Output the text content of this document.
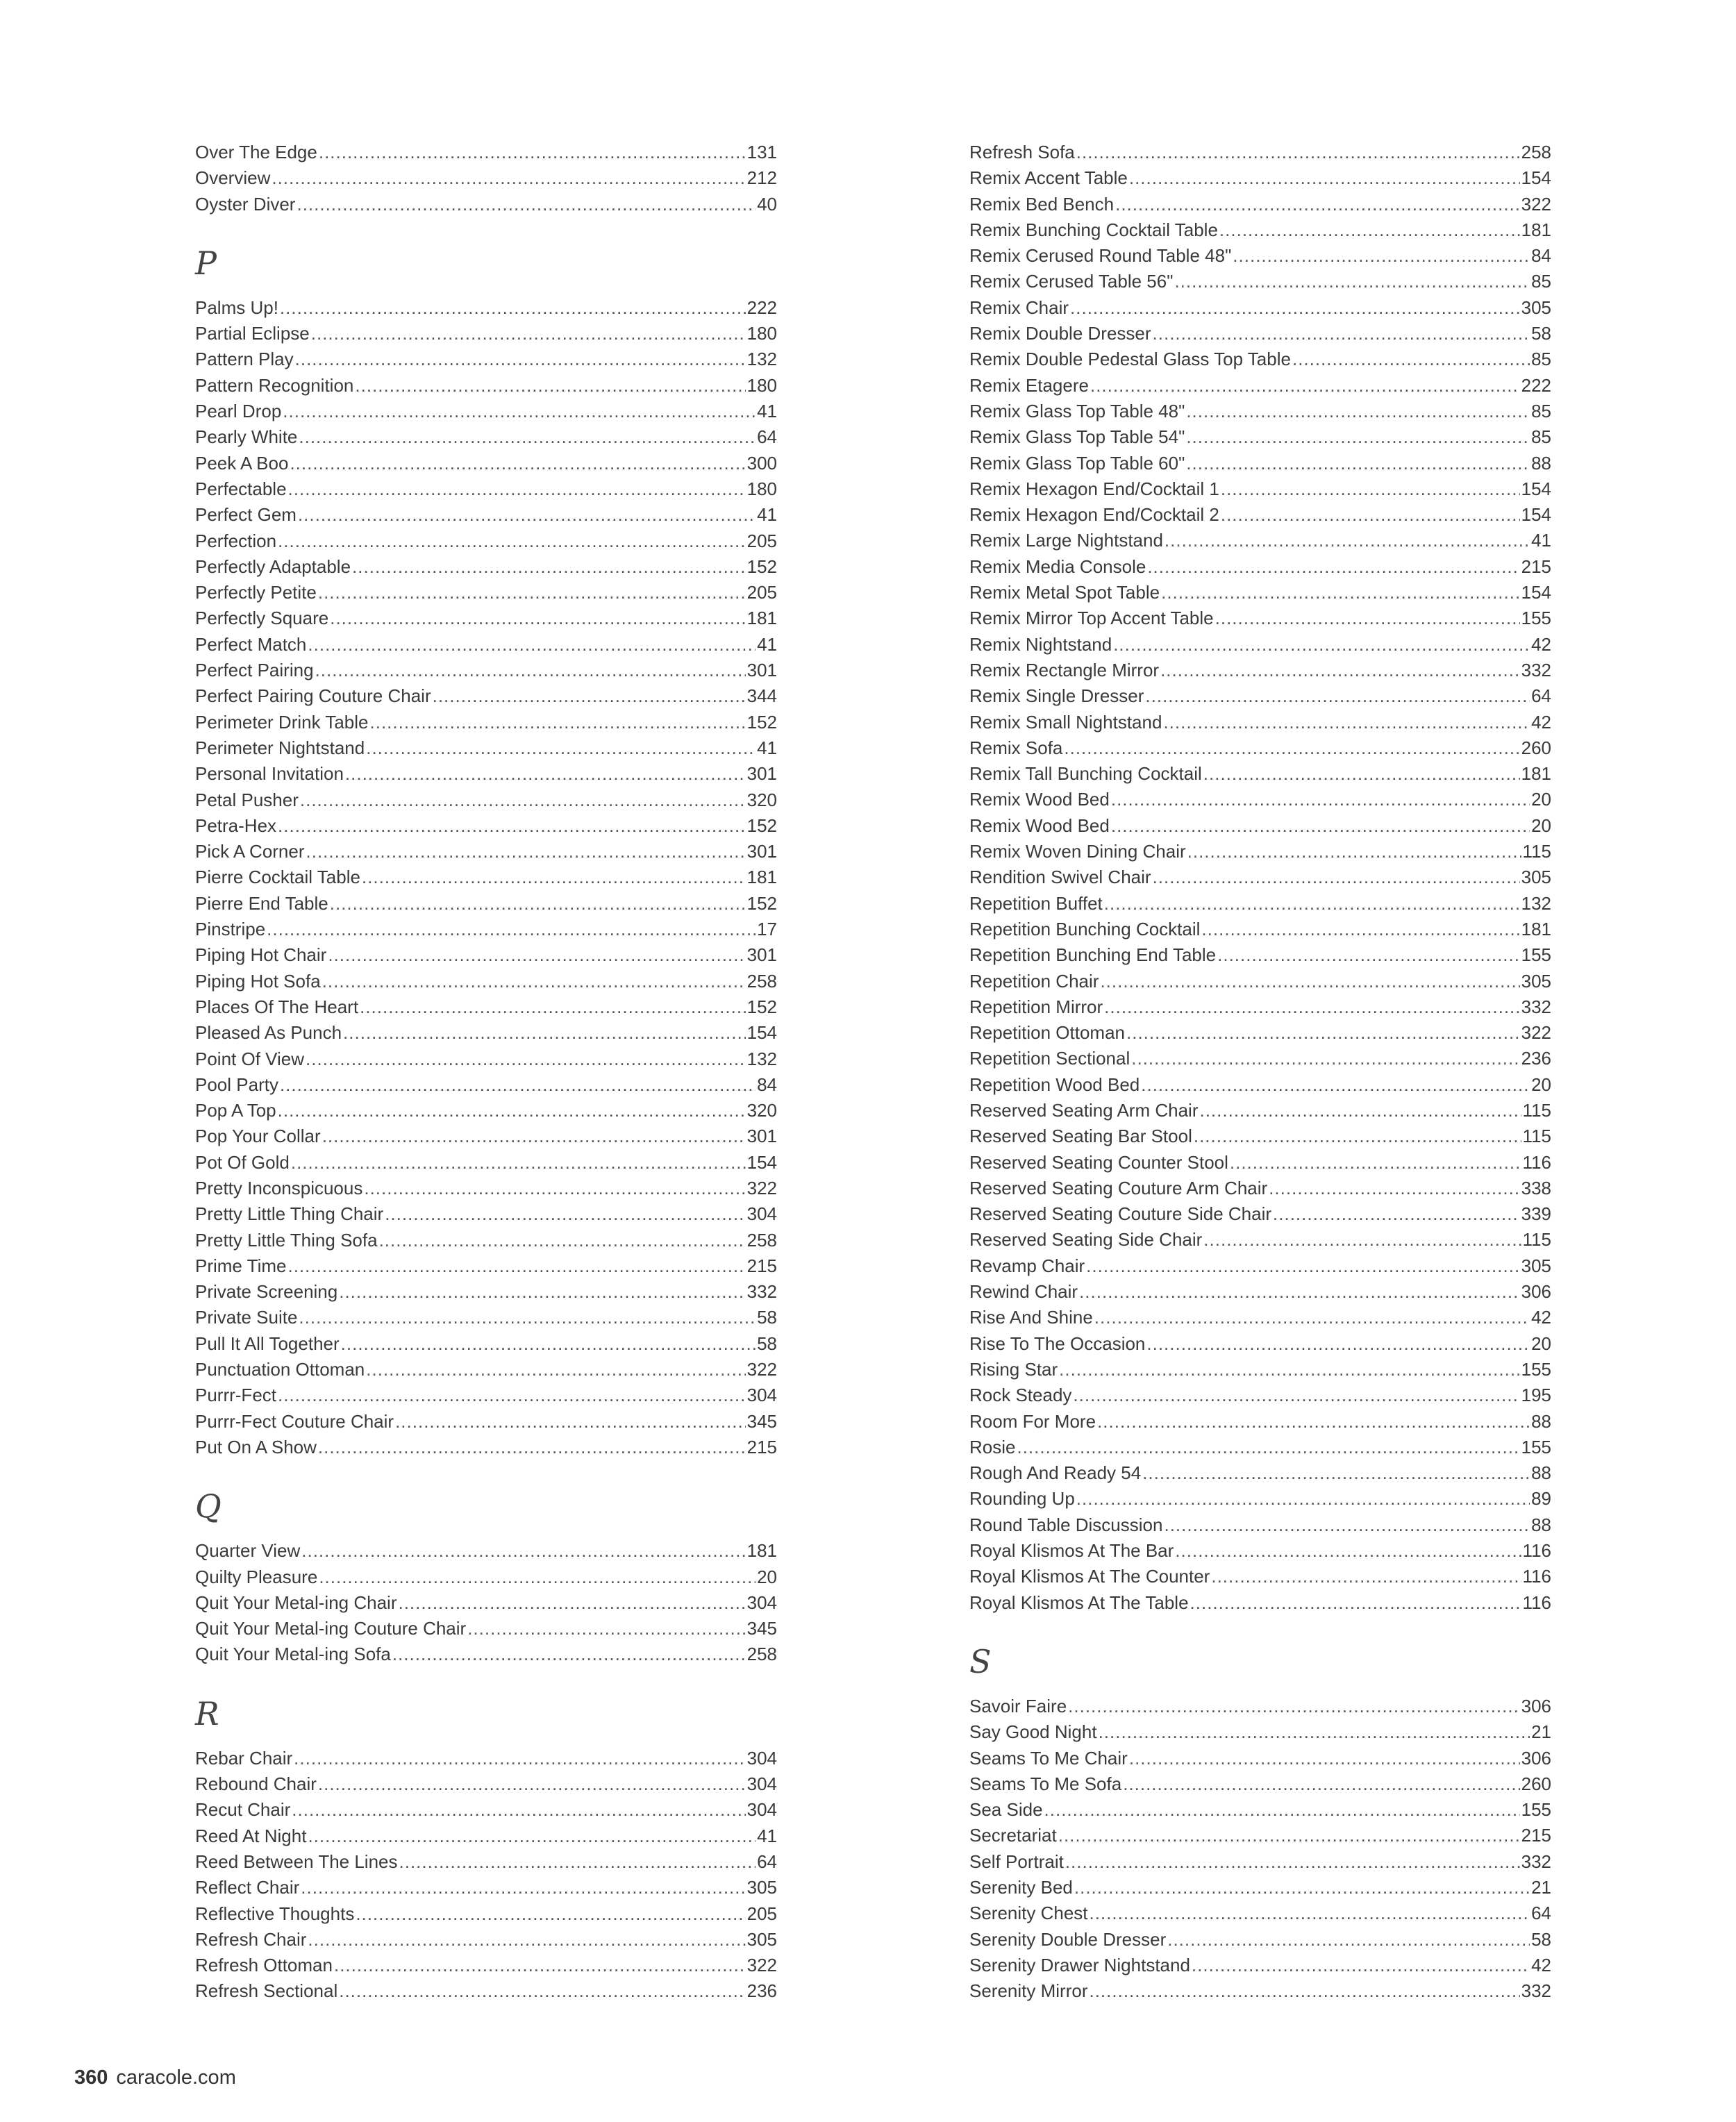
Over The Edge .....	131
Overview .....	212
Oyster Diver .....	40
P
Palms Up! .....	222
Partial Eclipse .....	180
Pattern Play .....	132
Pattern Recognition .....	180
Pearl Drop .....	41
Pearly White .....	64
Peek A Boo .....	300
Perfectable .....	180
Perfect Gem .....	41
Perfection .....	205
Perfectly Adaptable .....	152
Perfectly Petite .....	205
Perfectly Square .....	181
Perfect Match .....	41
Perfect Pairing .....	301
Perfect Pairing Couture Chair .....	344
Perimeter Drink Table .....	152
Perimeter Nightstand .....	41
Personal Invitation .....	301
Petal Pusher .....	320
Petra-Hex .....	152
Pick A Corner .....	301
Pierre Cocktail Table .....	181
Pierre End Table .....	152
Pinstripe .....	17
Piping Hot Chair .....	301
Piping Hot Sofa .....	258
Places Of The Heart .....	152
Pleased As Punch .....	154
Point Of View .....	132
Pool Party .....	84
Pop A Top .....	320
Pop Your Collar .....	301
Pot Of Gold .....	154
Pretty Inconspicuous .....	322
Pretty Little Thing Chair .....	304
Pretty Little Thing Sofa .....	258
Prime Time .....	215
Private Screening .....	332
Private Suite .....	58
Pull It All Together .....	58
Punctuation Ottoman .....	322
Purrr-Fect .....	304
Purrr-Fect Couture Chair .....	345
Put On A Show .....	215
Q
Quarter View .....	181
Quilty Pleasure .....	20
Quit Your Metal-ing Chair .....	304
Quit Your Metal-ing Couture Chair .....	345
Quit Your Metal-ing Sofa .....	258
R
Rebar Chair .....	304
Rebound Chair .....	304
Recut Chair .....	304
Reed At Night .....	41
Reed Between The Lines .....	64
Reflect Chair .....	305
Reflective Thoughts .....	205
Refresh Chair .....	305
Refresh Ottoman .....	322
Refresh Sectional .....	236
Refresh Sofa .....	258
Remix Accent Table .....	154
Remix Bed Bench .....	322
Remix Bunching Cocktail Table .....	181
Remix Cerused Round Table 48" .....	84
Remix Cerused Table 56" .....	85
Remix Chair .....	305
Remix Double Dresser .....	58
Remix Double Pedestal Glass Top Table .....	85
Remix Etagere .....	222
Remix Glass Top Table 48" .....	85
Remix Glass Top Table 54" .....	85
Remix Glass Top Table 60" .....	88
Remix Hexagon End/Cocktail 1 .....	154
Remix Hexagon End/Cocktail 2 .....	154
Remix Large Nightstand .....	41
Remix Media Console .....	215
Remix Metal Spot Table .....	154
Remix Mirror Top Accent Table .....	155
Remix Nightstand .....	42
Remix Rectangle Mirror .....	332
Remix Single Dresser .....	64
Remix Small Nightstand .....	42
Remix Sofa .....	260
Remix Tall Bunching Cocktail .....	181
Remix Wood Bed .....	20
Remix Wood Bed .....	20
Remix Woven Dining Chair .....	115
Rendition Swivel Chair .....	305
Repetition Buffet .....	132
Repetition Bunching Cocktail .....	181
Repetition Bunching End Table .....	155
Repetition Chair .....	305
Repetition Mirror .....	332
Repetition Ottoman .....	322
Repetition Sectional .....	236
Repetition Wood Bed .....	20
Reserved Seating Arm Chair .....	115
Reserved Seating Bar Stool .....	115
Reserved Seating Counter Stool .....	116
Reserved Seating Couture Arm Chair .....	338
Reserved Seating Couture Side Chair .....	339
Reserved Seating Side Chair .....	115
Revamp Chair .....	305
Rewind Chair .....	306
Rise And Shine .....	42
Rise To The Occasion .....	20
Rising Star .....	155
Rock Steady .....	195
Room For More .....	88
Rosie .....	155
Rough And Ready 54 .....	88
Rounding Up .....	89
Round Table Discussion .....	88
Royal Klismos At The Bar .....	116
Royal Klismos At The Counter .....	116
Royal Klismos At The Table .....	116
S
Savoir Faire .....	306
Say Good Night .....	21
Seams To Me Chair .....	306
Seams To Me Sofa .....	260
Sea Side .....	155
Secretariat .....	215
Self Portrait .....	332
Serenity Bed .....	21
Serenity Chest .....	64
Serenity Double Dresser .....	58
Serenity Drawer Nightstand .....	42
Serenity Mirror .....	332
360 caracole.com
